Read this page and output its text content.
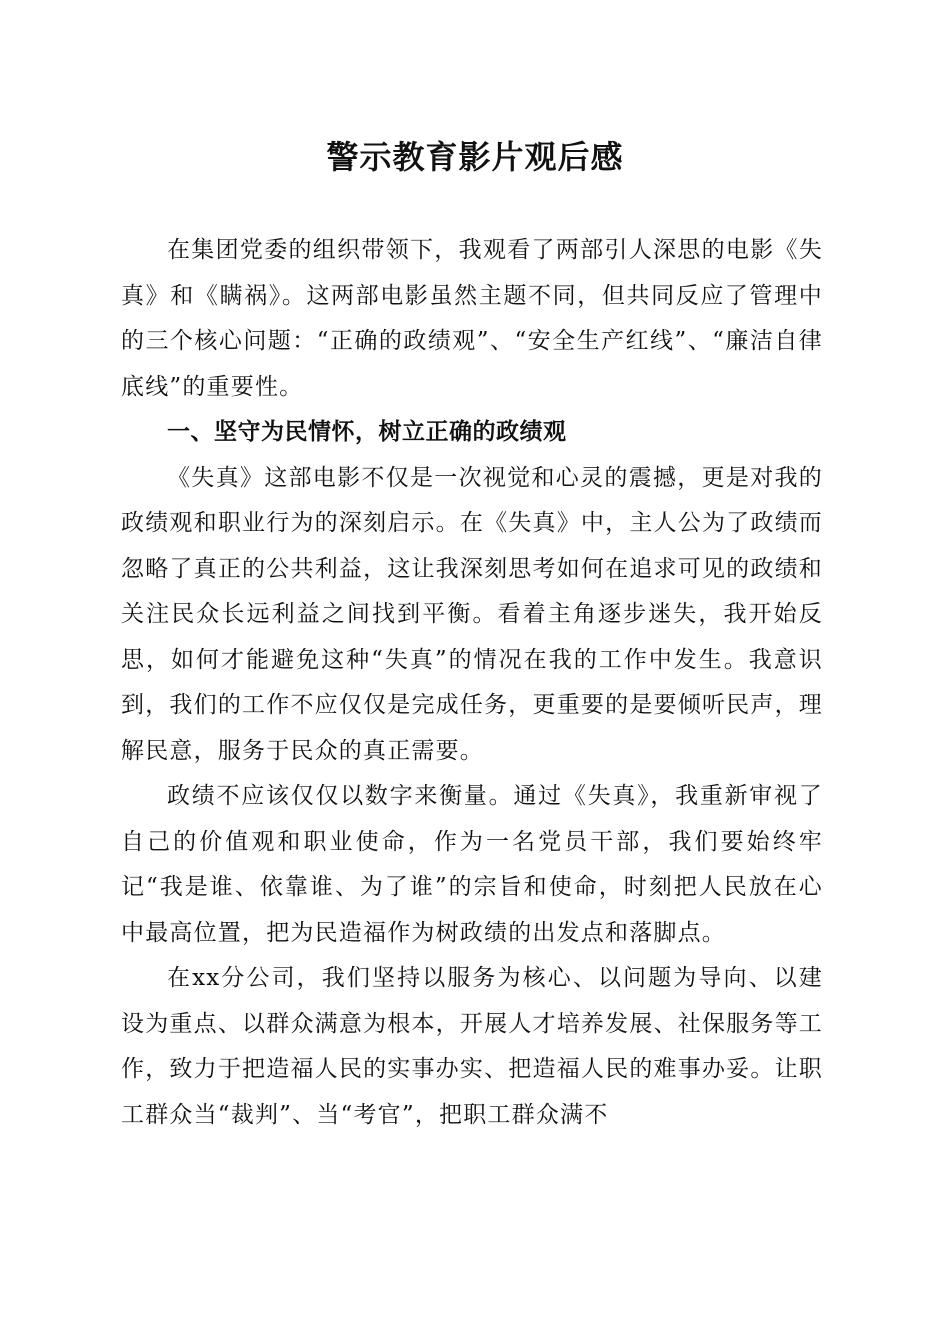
警示教育影片观后感

在集团党委的组织带领下，我观看了两部引人深思的电影《失真》和《瞒祸》。这两部电影虽然主题不同，但共同反应了管理中的三个核心问题：“正确的政绩观”、“安全生产红线”、“廉洁自律底线”的重要性。

一、坚守为民情怀，树立正确的政绩观

《失真》这部电影不仅是一次视觉和心灵的震撼，更是对我的政绩观和职业行为的深刻启示。在《失真》中，主人公为了政绩而忽略了真正的公共利益，这让我深刻思考如何在追求可见的政绩和关注民众长远利益之间找到平衡。看着主角逐步迷失，我开始反思，如何才能避免这种“失真”的情况在我的工作中发生。我意识到，我们的工作不应仅仅是完成任务，更重要的是要倾听民声，理解民意，服务于民众的真正需要。

政绩不应该仅仅以数字来衡量。通过《失真》，我重新审视了自己的价值观和职业使命，作为一名党员干部，我们要始终牢记“我是谁、依靠谁、为了谁”的宗旨和使命，时刻把人民放在心中最高位置，把为民造福作为树政绩的出发点和落脚点。

在xx分公司，我们坚持以服务为核心、以问题为导向、以建设为重点、以群众满意为根本，开展人才培养发展、社保服务等工作，致力于把造福人民的实事办实、把造福人民的难事办妥。让职工群众当“裁判”、当“考官”，把职工群众满不
